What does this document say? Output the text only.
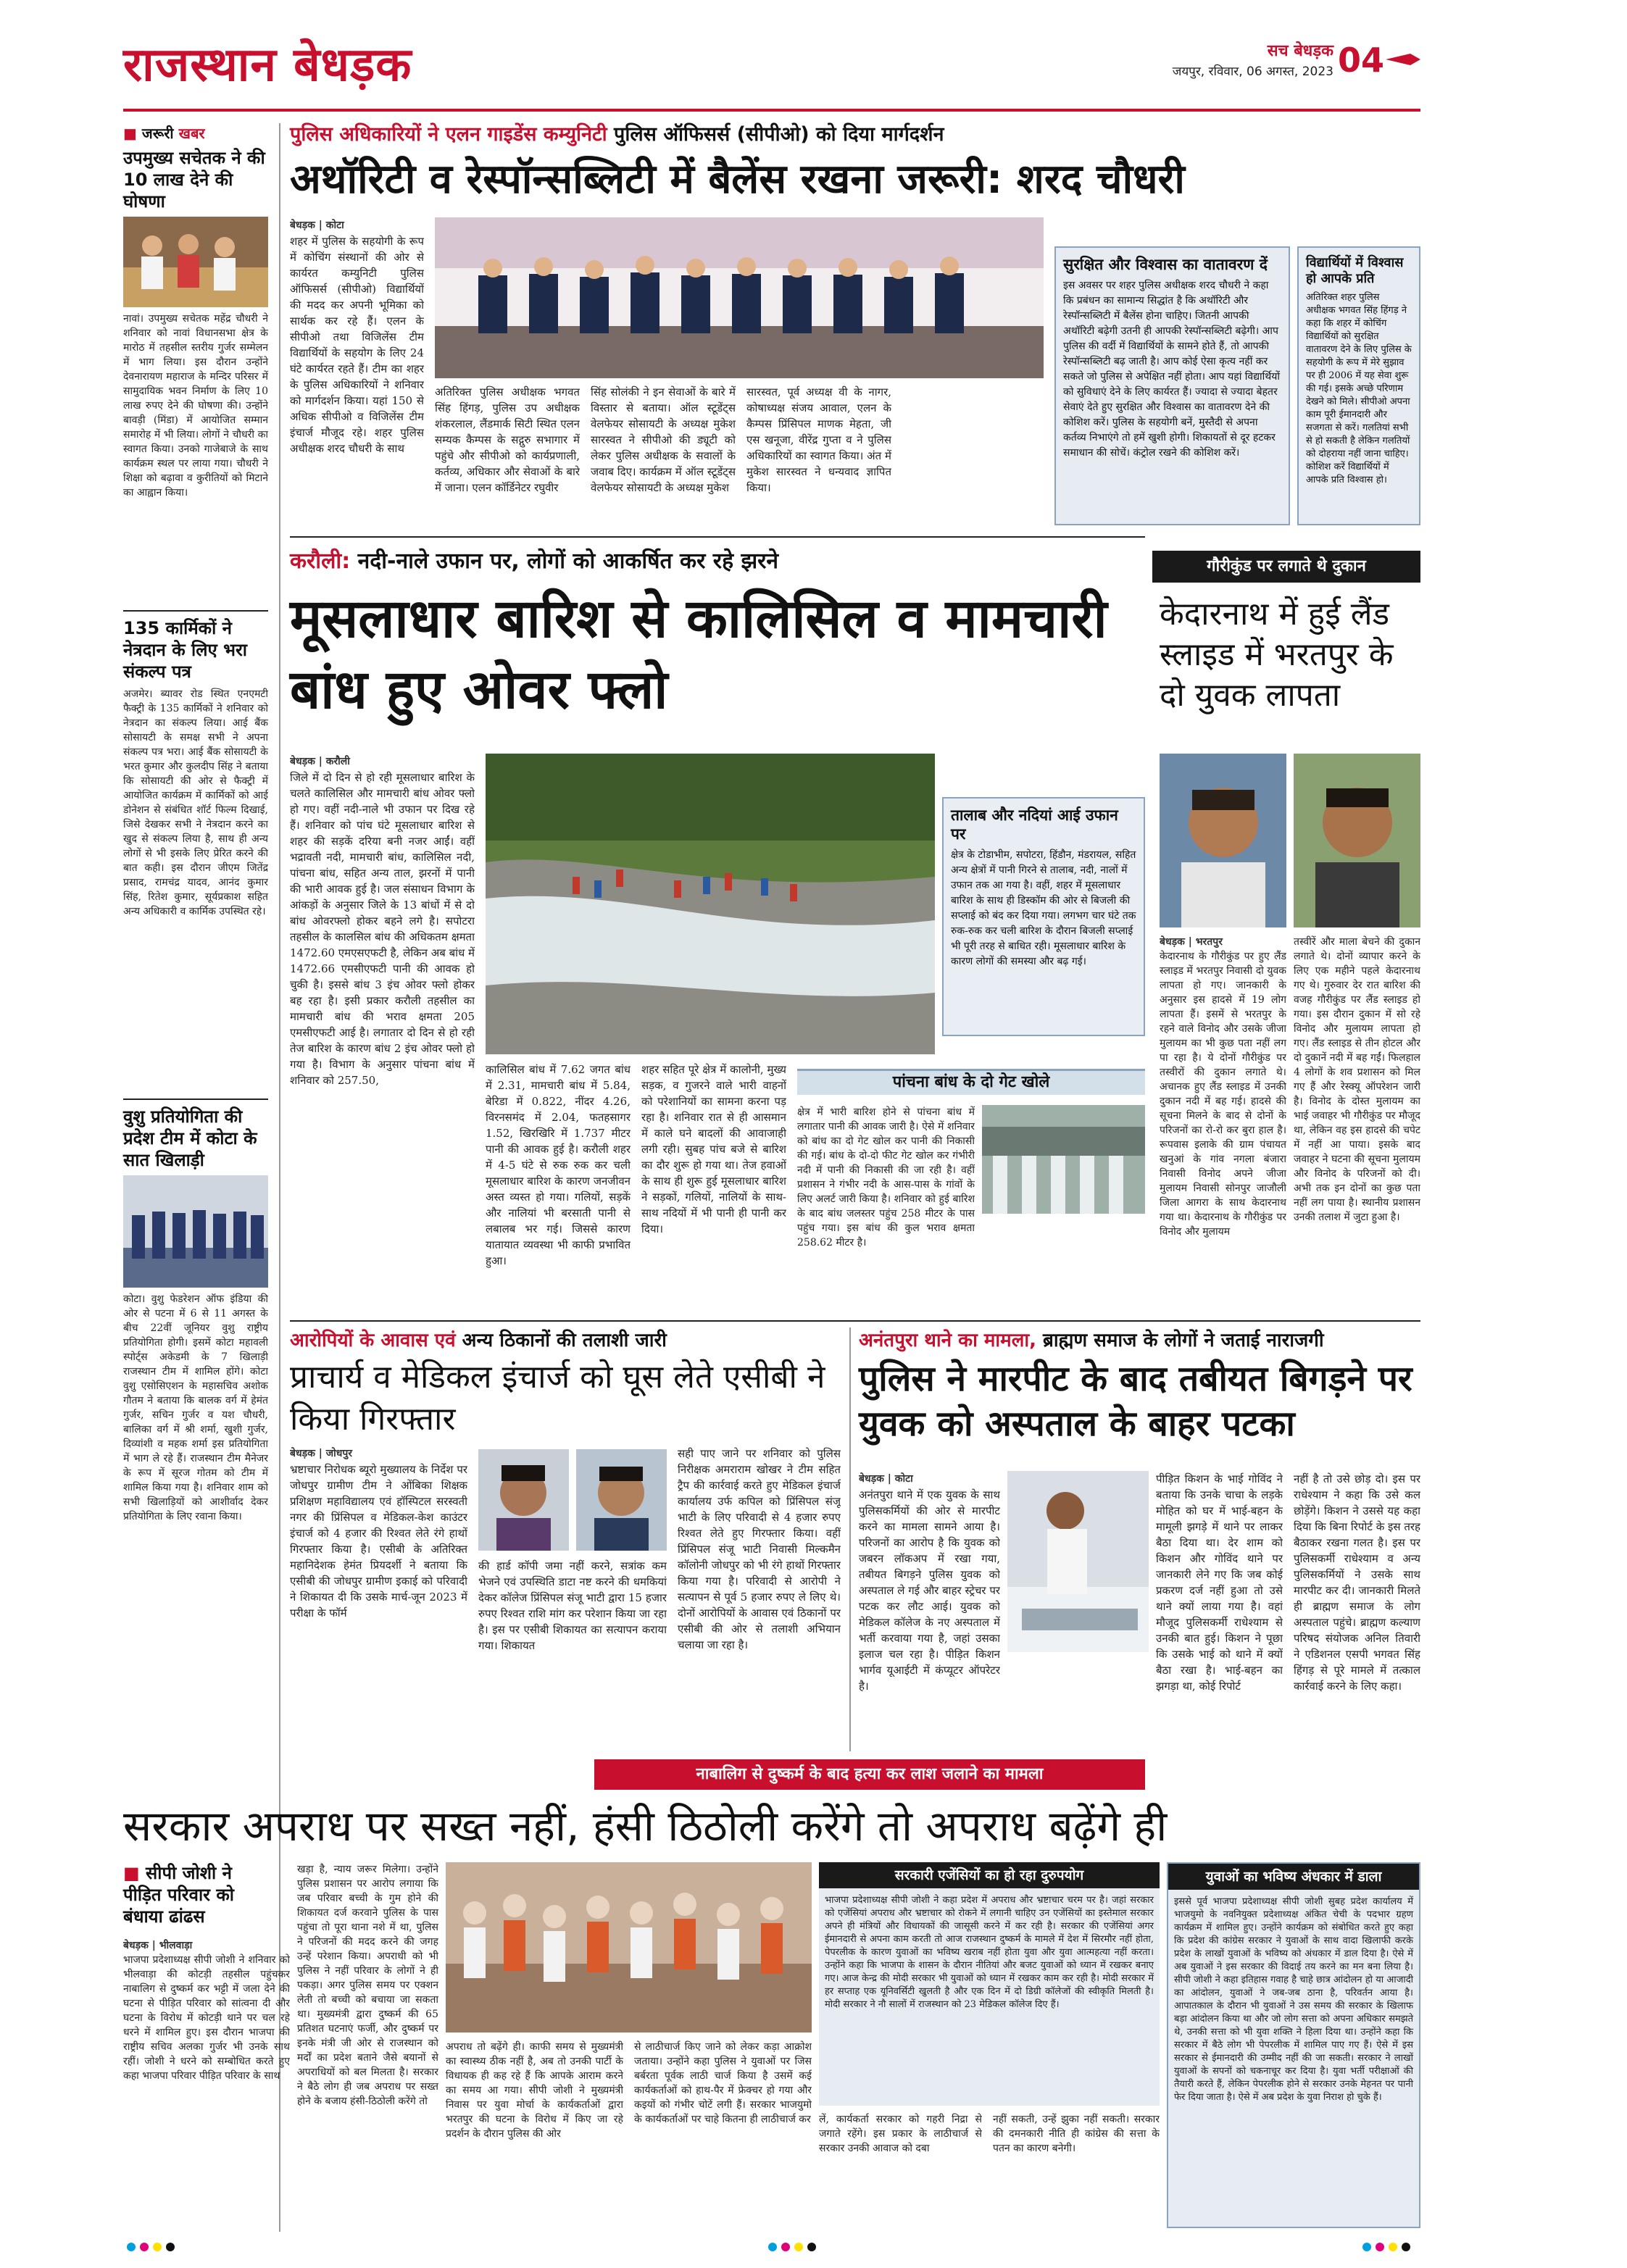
राजस्थान बेधड़क	सच बेधड़क
जयपुर, रविवार, 06 अगस्त, 2023 04
■ जरूरी खबर
उपमुख्य सचेतक ने की 10 लाख देने की घोषणा
नावां। उपमुख्य सचेतक महेंद्र चौधरी ने शनिवार को नावां विधानसभा क्षेत्र के मारोठ में तहसील स्तरीय गुर्जर सम्मेलन में भाग लिया। इस दौरान उन्होंने देवनारायण महाराज के मन्दिर परिसर में सामुदायिक भवन निर्माण के लिए 10 लाख रुपए देने की घोषणा की। उन्होंने बावड़ी (मिंडा) में आयोजित सम्मान समारोह में भी लिया। लोगों ने चौधरी का स्वागत किया। उनको गाजेबाजे के साथ कार्यक्रम स्थल पर लाया गया। चौधरी ने शिक्षा को बढ़ावा व कुरीतियों को मिटाने का आह्वान किया।
135 कार्मिकों ने नेत्रदान के लिए भरा संकल्प पत्र
अजमेर। ब्यावर रोड स्थित एनएमटी फैक्ट्री के 135 कार्मिकों ने शनिवार को नेत्रदान का संकल्प लिया। आई बैंक सोसायटी के समक्ष सभी ने अपना संकल्प पत्र भरा। आई बैंक सोसायटी के भरत कुमार और कुलदीप सिंह ने बताया कि सोसायटी की ओर से फैक्ट्री में आयोजित कार्यक्रम में कार्मिकों को आई डोनेशन से संबंधित शॉर्ट फिल्म दिखाई, जिसे देखकर सभी ने नेत्रदान करने का खुद से संकल्प लिया है, साथ ही अन्य लोगों से भी इसके लिए प्रेरित करने की बात कही। इस दौरान जीएम जितेंद्र प्रसाद, रामचंद्र यादव, आनंद कुमार सिंह, रितेश कुमार, सूर्यप्रकाश सहित अन्य अधिकारी व कार्मिक उपस्थित रहे।
वुशु प्रतियोगिता की प्रदेश टीम में कोटा के सात खिलाड़ी
कोटा। वुशु फेडरेशन ऑफ इंडिया की ओर से पटना में 6 से 11 अगस्त के बीच 22वीं जूनियर वुशु राष्ट्रीय प्रतियोगिता होगी। इसमें कोटा महावली स्पोर्ट्स अकेडमी के 7 खिलाड़ी राजस्थान टीम में शामिल होंगे। कोटा वुशु एसोसिएशन के महासचिव अशोक गौतम ने बताया कि बालक वर्ग में हेमंत गुर्जर, सचिन गुर्जर व यश चौधरी, बालिका वर्ग में श्री शर्मा, खुशी गुर्जर, दिव्यांशी व महक शर्मा इस प्रतियोगिता में भाग ले रहे हैं। राजस्थान टीम मैनेजर के रूप में सूरज गोतम को टीम में शामिल किया गया है। शनिवार शाम को सभी खिलाड़ियों को आशीर्वाद देकर प्रतियोगिता के लिए रवाना किया।
पुलिस अधिकारियों ने एलन गाइडेंस कम्युनिटी पुलिस ऑफिसर्स (सीपीओ) को दिया मार्गदर्शन
अथॉरिटी व रेस्पॉन्सब्लिटी में बैलेंस रखना जरूरी: शरद चौधरी
बेधड़क | कोटा
शहर में पुलिस के सहयोगी के रूप में कोचिंग संस्थानों की ओर से कार्यरत कम्युनिटी पुलिस ऑफिसर्स (सीपीओ) विद्यार्थियों की मदद कर अपनी भूमिका को सार्थक कर रहे हैं। एलन के सीपीओ तथा विजिलेंस टीम विद्यार्थियों के सहयोग के लिए 24 घंटे कार्यरत रहते हैं। टीम का शहर के पुलिस अधिकारियों ने शनिवार को मार्गदर्शन किया। यहां 150 से अधिक सीपीओ व विजिलेंस टीम इंचार्ज मौजूद रहे। शहर पुलिस अधीक्षक शरद चौधरी के साथ
अतिरिक्त पुलिस अधीक्षक भगवत सिंह हिंगड़, पुलिस उप अधीक्षक शंकरलाल, लैंडमार्क सिटी स्थित एलन सम्यक कैम्पस के सद्गुरु सभागार में पहुंचे और सीपीओ को कार्यप्रणाली, कर्तव्य, अधिकार और सेवाओं के बारे में जाना। एलन कॉर्डिनेटर रघुवीर
सिंह सोलंकी ने इन सेवाओं के बारे में विस्तार से बताया। ऑल स्टूडेंट्स वेलफेयर सोसायटी के अध्यक्ष मुकेश सारस्वत ने सीपीओ की ड्यूटी को लेकर पुलिस अधीक्षक के सवालों के जवाब दिए। कार्यक्रम में ऑल स्टूडेंट्स वेलफेयर सोसायटी के अध्यक्ष मुकेश
सारस्वत, पूर्व अध्यक्ष वी के नागर, कोषाध्यक्ष संजय आवाल, एलन के कैम्पस प्रिंसिपल माणक मेहता, जी एस खनूजा, वीरेंद्र गुप्ता व ने पुलिस अधिकारियों का स्वागत किया। अंत में मुकेश सारस्वत ने धन्यवाद ज्ञापित किया।
सुरक्षित और विश्वास का वातावरण दें
इस अवसर पर शहर पुलिस अधीक्षक शरद चौधरी ने कहा कि प्रबंधन का सामान्य सिद्धांत है कि अथॉरिटी और रेस्पॉन्सब्लिटी में बैलेंस होना चाहिए। जितनी आपकी अथॉरिटी बढ़ेगी उतनी ही आपकी रेस्पॉन्सब्लिटी बढ़ेगी। आप पुलिस की वर्दी में विद्यार्थियों के सामने होते हैं, तो आपकी रेस्पॉन्सब्लिटी बढ़ जाती है। आप कोई ऐसा कृत्य नहीं कर सकते जो पुलिस से अपेक्षित नहीं होता। आप यहां विद्यार्थियों को सुविधाएं देने के लिए कार्यरत हैं। ज्यादा से ज्यादा बेहतर सेवाएं देते हुए सुरक्षित और विश्वास का वातावरण देने की कोशिश करें। पुलिस के सहयोगी बनें, मुस्तैदी से अपना कर्तव्य निभाएंगे तो हमें खुशी होगी। शिकायतों से दूर हटकर समाधान की सोचें। कंट्रोल रखने की कोशिश करें।
विद्यार्थियों में विश्वास हो आपके प्रति
अतिरिक्त शहर पुलिस अधीक्षक भगवत सिंह हिंगड़ ने कहा कि शहर में कोचिंग विद्यार्थियों को सुरक्षित वातावरण देने के लिए पुलिस के सहयोगी के रूप में मेरे सुझाव पर ही 2006 में यह सेवा शुरू की गई। इसके अच्छे परिणाम देखने को मिले। सीपीओ अपना काम पूरी ईमानदारी और सजगता से करें। गलतियां सभी से हो सकती है लेकिन गलतियों को दोहराया नहीं जाना चाहिए। कोशिश करें विद्यार्थियों में आपके प्रति विश्वास हो।
करौली: नदी-नाले उफान पर, लोगों को आकर्षित कर रहे झरने
मूसलाधार बारिश से कालिसिल व मामचारी बांध हुए ओवर फ्लो
बेधड़क | करौली
जिले में दो दिन से हो रही मूसलाधार बारिश के चलते कालिसिल और मामचारी बांध ओवर फ्लो हो गए। वहीं नदी-नाले भी उफान पर दिख रहे हैं। शनिवार को पांच घंटे मूसलाधार बारिश से शहर की सड़कें दरिया बनी नजर आईं। वहीं भद्रावती नदी, मामचारी बांध, कालिसिल नदी, पांचना बांध, सहित अन्य ताल, झरनों में पानी की भारी आवक हुई है। जल संसाधन विभाग के आंकड़ों के अनुसार जिले के 13 बांधों में से दो बांध ओवरफ्लो होकर बहने लगे है। सपोटरा तहसील के कालसिल बांध की अधिकतम क्षमता 1472.60 एमएसएफटी है, लेकिन अब बांध में 1472.66 एमसीएफटी पानी की आवक हो चुकी है। इससे बांध 3 इंच ओवर फ्लो होकर बह रहा है। इसी प्रकार करौली तहसील का मामचारी बांध की भराव क्षमता 205 एमसीएफटी आई है। लगातार दो दिन से हो रही तेज बारिश के कारण बांध 2 इंच ओवर फ्लो हो गया है। विभाग के अनुसार पांचना बांध में शनिवार को 257.50,
तालाब और नदियां आई उफान पर
क्षेत्र के टोडाभीम, सपोटरा, हिंडौन, मंडरायल, सहित अन्य क्षेत्रों में पानी गिरने से तालाब, नदी, नालों में उफान तक आ गया है। वहीं, शहर में मूसलाधार बारिश के साथ ही डिस्कॉम की ओर से बिजली की सप्लाई को बंद कर दिया गया। लगभग चार घंटे तक रुक-रुक कर चली बारिश के दौरान बिजली सप्लाई भी पूरी तरह से बाधित रही। मूसलाधार बारिश के कारण लोगों की समस्या और बढ़ गई।
कालिसिल बांध में 7.62 जगत बांध में 2.31, मामचारी बांध में 5.84, बेरिडा में 0.822, नींदर 4.26, विरनसमंद में 2.04, फतहसागर 1.52, खिरखिरि में 1.737 मीटर पानी की आवक हुई है। करौली शहर में 4-5 घंटे से रुक रुक कर चली मूसलाधार बारिश के कारण जनजीवन अस्त व्यस्त हो गया। गलियों, सड़कें और नालियां भी बरसाती पानी से लबालब भर गई। जिससे कारण यातायात व्यवस्था भी काफी प्रभावित हुआ।
शहर सहित पूरे क्षेत्र में कालोनी, मुख्य सड़क, व गुजरने वाले भारी वाहनों को परेशानियों का सामना करना पड़ रहा है। शनिवार रात से ही आसमान में काले घने बादलों की आवाजाही लगी रही। सुबह पांच बजे से बारिश का दौर शुरू हो गया था। तेज हवाओं के साथ ही शुरू हुई मूसलाधार बारिश ने सड़कों, गलियों, नालियों के साथ-साथ नदियों में भी पानी ही पानी कर दिया।
पांचना बांध के दो गेट खोले
क्षेत्र में भारी बारिश होने से पांचना बांध में लगातार पानी की आवक जारी है। ऐसे में शनिवार को बांध का दो गेट खोल कर पानी की निकासी की गई। बांध के दो-दो फीट गेट खोल कर गंभीरी नदी में पानी की निकासी की जा रही है। वहीं प्रशासन ने गंभीर नदी के आस-पास के गांवों के लिए अलर्ट जारी किया है। शनिवार को हुई बारिश के बाद बांध जलस्तर पहुंच 258 मीटर के पास पहुंच गया। इस बांध की कुल भराव क्षमता 258.62 मीटर है।
गौरीकुंड पर लगाते थे दुकान
केदारनाथ में हुई लैंड स्लाइड में भरतपुर के दो युवक लापता
बेधड़क | भरतपुर
केदारनाथ के गौरीकुंड पर हुए लैंड स्लाइड में भरतपुर निवासी दो युवक लापता हो गए। जानकारी के अनुसार इस हादसे में 19 लोग लापता हैं। इसमें से भरतपुर के रहने वाले विनोद और उसके जीजा मुलायम का भी कुछ पता नहीं लग पा रहा है। ये दोनों गौरीकुंड पर तस्वीरों की दुकान लगाते थे। अचानक हुए लैंड स्लाइड में उनकी दुकान नदी में बह गई। हादसे की सूचना मिलने के बाद से दोनों के परिजनों का रो-रो कर बुरा हाल है। रूपवास इलाके की ग्राम पंचायत खनुआं के गांव नगला बंजारा निवासी विनोद अपने जीजा मुलायम निवासी सोनपुर जाजौली जिला आगरा के साथ केदारनाथ गया था। केदारनाथ के गौरीकुंड पर विनोद और मुलायम
तस्वीरें और माला बेचने की दुकान लगाते थे। दोनों व्यापार करने के लिए एक महीने पहले केदारनाथ गए थे। गुरुवार देर रात बारिश की वजह गौरीकुंड पर लैंड स्लाइड हो गया। इस दौरान दुकान में सो रहे विनोद और मुलायम लापता हो गए। लैंड स्लाइड से तीन होटल और दो दुकानें नदी में बह गईं। फिलहाल 4 लोगों के शव प्रशासन को मिल गए हैं और रेस्क्यू ऑपरेशन जारी है। विनोद के दोस्त मुलायम का भाई जवाहर भी गौरीकुंड पर मौजूद था, लेकिन वह इस हादसे की चपेट में नहीं आ पाया। इसके बाद जवाहर ने घटना की सूचना मुलायम और विनोद के परिजनों को दी। अभी तक इन दोनों का कुछ पता नहीं लग पाया है। स्थानीय प्रशासन उनकी तलाश में जुटा हुआ है।
आरोपियों के आवास एवं अन्य ठिकानों की तलाशी जारी
प्राचार्य व मेडिकल इंचार्ज को घूस लेते एसीबी ने किया गिरफ्तार
बेधड़क | जोधपुर
भ्रष्टाचार निरोधक ब्यूरो मुख्यालय के निर्देश पर जोधपुर ग्रामीण टीम ने ओंबिका शिक्षक प्रशिक्षण महाविद्यालय एवं हॉस्पिटल सरस्वती नगर की प्रिंसिपल व मेडिकल-केश काउंटर इंचार्ज को 4 हजार की रिश्वत लेते रंगे हाथों गिरफ्तार किया है। एसीबी के अतिरिक्त महानिदेशक हेमंत प्रियदर्शी ने बताया कि एसीबी की जोधपुर ग्रामीण इकाई को परिवादी ने शिकायत दी कि उसके मार्च-जून 2023 में परीक्षा के फॉर्म
की हार्ड कॉपी जमा नहीं करने, सत्रांक कम भेजने एवं उपस्थिति डाटा नष्ट करने की धमकियां देकर कॉलेज प्रिंसिपल संजू भाटी द्वारा 15 हजार रुपए रिश्वत राशि मांग कर परेशान किया जा रहा है। इस पर एसीबी शिकायत का सत्यापन कराया गया। शिकायत
सही पाए जाने पर शनिवार को पुलिस निरीक्षक अमराराम खोखर ने टीम सहित ट्रैप की कार्रवाई करते हुए मेडिकल इंचार्ज कार्यालय उर्फ कपिल को प्रिंसिपल संजू भाटी के लिए परिवादी से 4 हजार रुपए रिश्वत लेते हुए गिरफ्तार किया। वहीं प्रिंसिपल संजू भाटी निवासी मिल्कमैन कॉलोनी जोधपुर को भी रंगे हाथों गिरफ्तार किया गया है। परिवादी से आरोपी ने सत्यापन से पूर्व 5 हजार रुपए ले लिए थे। दोनों आरोपियों के आवास एवं ठिकानों पर एसीबी की ओर से तलाशी अभियान चलाया जा रहा है।
अनंतपुरा थाने का मामला, ब्राह्मण समाज के लोगों ने जताई नाराजगी
पुलिस ने मारपीट के बाद तबीयत बिगड़ने पर युवक को अस्पताल के बाहर पटका
बेधड़क | कोटा
अनंतपुरा थाने में एक युवक के साथ पुलिसकर्मियों की ओर से मारपीट करने का मामला सामने आया है। परिजनों का आरोप है कि युवक को जबरन लॉकअप में रखा गया, तबीयत बिगड़ने पुलिस युवक को अस्पताल ले गई और बाहर स्ट्रेचर पर पटक कर लौट आई। युवक को मेडिकल कॉलेज के नए अस्पताल में भर्ती करवाया गया है, जहां उसका इलाज चल रहा है। पीड़ित किशन भार्गव यूआईटी में कंप्यूटर ऑपरेटर है।
पीड़ित किशन के भाई गोविंद ने बताया कि उनके चाचा के लड़के मोहित को घर में भाई-बहन के मामूली झगड़े में थाने पर लाकर बैठा दिया था। देर शाम को किशन और गोविंद थाने पर जानकारी लेने गए कि जब कोई प्रकरण दर्ज नहीं हुआ तो उसे थाने क्यों लाया गया है। वहां मौजूद पुलिसकर्मी राधेश्याम से उनकी बात हुई। किशन ने पूछा कि उसके भाई को थाने में क्यों बैठा रखा है। भाई-बहन का झगड़ा था, कोई रिपोर्ट
नहीं है तो उसे छोड़ दो। इस पर राधेश्याम ने कहा कि उसे कल छोड़ेंगे। किशन ने उससे यह कहा दिया कि बिना रिपोर्ट के इस तरह बैठाकर रखना गलत है। इस पर पुलिसकर्मी राधेश्याम व अन्य पुलिसकर्मियों ने उसके साथ मारपीट कर दी। जानकारी मिलते ही ब्राह्मण समाज के लोग अस्पताल पहुंचे। ब्राह्मण कल्याण परिषद संयोजक अनिल तिवारी ने एडिशनल एसपी भगवत सिंह हिंगड़ से पूरे मामले में तत्काल कार्रवाई करने के लिए कहा।
नाबालिग से दुष्कर्म के बाद हत्या कर लाश जलाने का मामला
सरकार अपराध पर सख्त नहीं, हंसी ठिठोली करेंगे तो अपराध बढ़ेंगे ही
■ सीपी जोशी ने पीड़ित परिवार को बंधाया ढांढस
बेधड़क | भीलवाड़ा
भाजपा प्रदेशाध्यक्ष सीपी जोशी ने शनिवार को भीलवाड़ा की कोटड़ी तहसील पहुंचकर नाबालिग से दुष्कर्म कर भट्टी में जला देने की घटना से पीड़ित परिवार को सांत्वना दी और घटना के विरोध में कोटड़ी थाने पर चल रहे धरने में शामिल हुए। इस दौरान भाजपा की राष्ट्रीय सचिव अलका गुर्जर भी उनके साथ रहीं। जोशी ने धरने को सम्बोधित करते हुए कहा भाजपा परिवार पीड़ित परिवार के साथ
खड़ा है, न्याय जरूर मिलेगा। उन्होंने पुलिस प्रशासन पर आरोप लगाया कि जब परिवार बच्ची के गुम होने की शिकायत दर्ज करवाने पुलिस के पास पहुंचा तो पूरा थाना नशे में था, पुलिस ने परिजनों की मदद करने की जगह उन्हें परेशान किया। अपराधी को भी पुलिस ने नहीं परिवार के लोगों ने ही पकड़ा। अगर पुलिस समय पर एक्शन लेती तो बच्ची को बचाया जा सकता था। मुख्यमंत्री द्वारा दुष्कर्म की 65 प्रतिशत घटनाएं फर्जी, और दुष्कर्म पर इनके मंत्री जी ओर से राजस्थान को मर्दों का प्रदेश बताने जैसे बयानों से अपराधियों को बल मिलता है। सरकार ने बैठे लोग ही जब अपराध पर सख्त होने के बजाय हंसी-ठिठोली करेंगे तो
अपराध तो बढ़ेंगे ही। काफी समय से मुख्यमंत्री का स्वास्थ्य ठीक नहीं है, अब तो उनकी पार्टी के विधायक ही कह रहे हैं कि आपके आराम करने का समय आ गया। सीपी जोशी ने मुख्यमंत्री निवास पर युवा मोर्चा के कार्यकर्ताओं द्वारा भरतपुर की घटना के विरोध में किए जा रहे प्रदर्शन के दौरान पुलिस की ओर
से लाठीचार्ज किए जाने को लेकर कड़ा आक्रोश जताया। उन्होंने कहा पुलिस ने युवाओं पर जिस बर्बरता पूर्वक लाठी चार्ज किया है उसमें कई कार्यकर्ताओं को हाथ-पैर में फ्रेक्चर हो गया और कइयों को गंभीर चोटें लगी हैं। सरकार भाजयुमो के कार्यकर्ताओं पर चाहे कितना ही लाठीचार्ज कर
सरकारी एजेंसियों का हो रहा दुरुपयोग
भाजपा प्रदेशाध्यक्ष सीपी जोशी ने कहा प्रदेश में अपराध और भ्रष्टाचार चरम पर है। जहां सरकार को एजेंसियां अपराध और भ्रष्टाचार को रोकने में लगानी चाहिए उन एजेंसियों का इस्तेमाल सरकार अपने ही मंत्रियों और विधायकों की जासूसी करने में कर रही है। सरकार की एजेंसियां अगर ईमानदारी से अपना काम करती तो आज राजस्थान दुष्कर्म के मामले में देश में सिरमौर नहीं होता, पेपरलीक के कारण युवाओं का भविष्य खराब नहीं होता युवा और युवा आत्महत्या नहीं करता। उन्होंने कहा कि भाजपा के शासन के दौरान नीतियां और बजट युवाओं को ध्यान में रखकर बनाए गए। आज केन्द्र की मोदी सरकार भी युवाओं को ध्यान में रखकर काम कर रही है। मोदी सरकार में हर सप्ताह एक यूनिवर्सिटी खुलती है और एक दिन में दो डिग्री कॉलेजों की स्वीकृति मिलती है। मोदी सरकार ने नौ सालों में राजस्थान को 23 मेडिकल कॉलेज दिए हैं।
लें, कार्यकर्ता सरकार को गहरी निद्रा से जगाते रहेंगे। इस प्रकार के लाठीचार्ज से सरकार उनकी आवाज को दबा
नहीं सकती, उन्हें झुका नहीं सकती। सरकार की दमनकारी नीति ही कांग्रेस की सत्ता के पतन का कारण बनेगी।
युवाओं का भविष्य अंधकार में डाला
इससे पूर्व भाजपा प्रदेशाध्यक्ष सीपी जोशी सुबह प्रदेश कार्यालय में भाजयुमो के नवनियुक्त प्रदेशाध्यक्ष अंकित चेची के पदभार ग्रहण कार्यक्रम में शामिल हुए। उन्होंने कार्यक्रम को संबोधित करते हुए कहा कि प्रदेश की कांग्रेस सरकार ने युवाओं के साथ वादा खिलाफी करके प्रदेश के लाखों युवाओं के भविष्य को अंधकार में डाल दिया है। ऐसे में अब युवाओं ने इस सरकार की विदाई तय करने का मन बना लिया है। सीपी जोशी ने कहा इतिहास गवाह है चाहे छात्र आंदोलन हो या आजादी का आंदोलन, युवाओं ने जब-जब ठाना है, परिवर्तन आया है। आपातकाल के दौरान भी युवाओं ने उस समय की सरकार के खिलाफ बड़ा आंदोलन किया था और जो लोग सत्ता को अपना अधिकार समझते थे, उनकी सत्ता को भी युवा शक्ति ने हिला दिया था। उन्होंने कहा कि सरकार में बैठे लोग भी पेपरलीक में शामिल पाए गए हैं। ऐसे में इस सरकार से ईमानदारी की उम्मीद नहीं की जा सकती। सरकार ने लाखों युवाओं के सपनों को चकनाचूर कर दिया है। युवा भर्ती परीक्षाओं की तैयारी करते हैं, लेकिन पेपरलीक होने से सरकार उनके मेहनत पर पानी फेर दिया जाता है। ऐसे में अब प्रदेश के युवा निराश हो चुके हैं।
